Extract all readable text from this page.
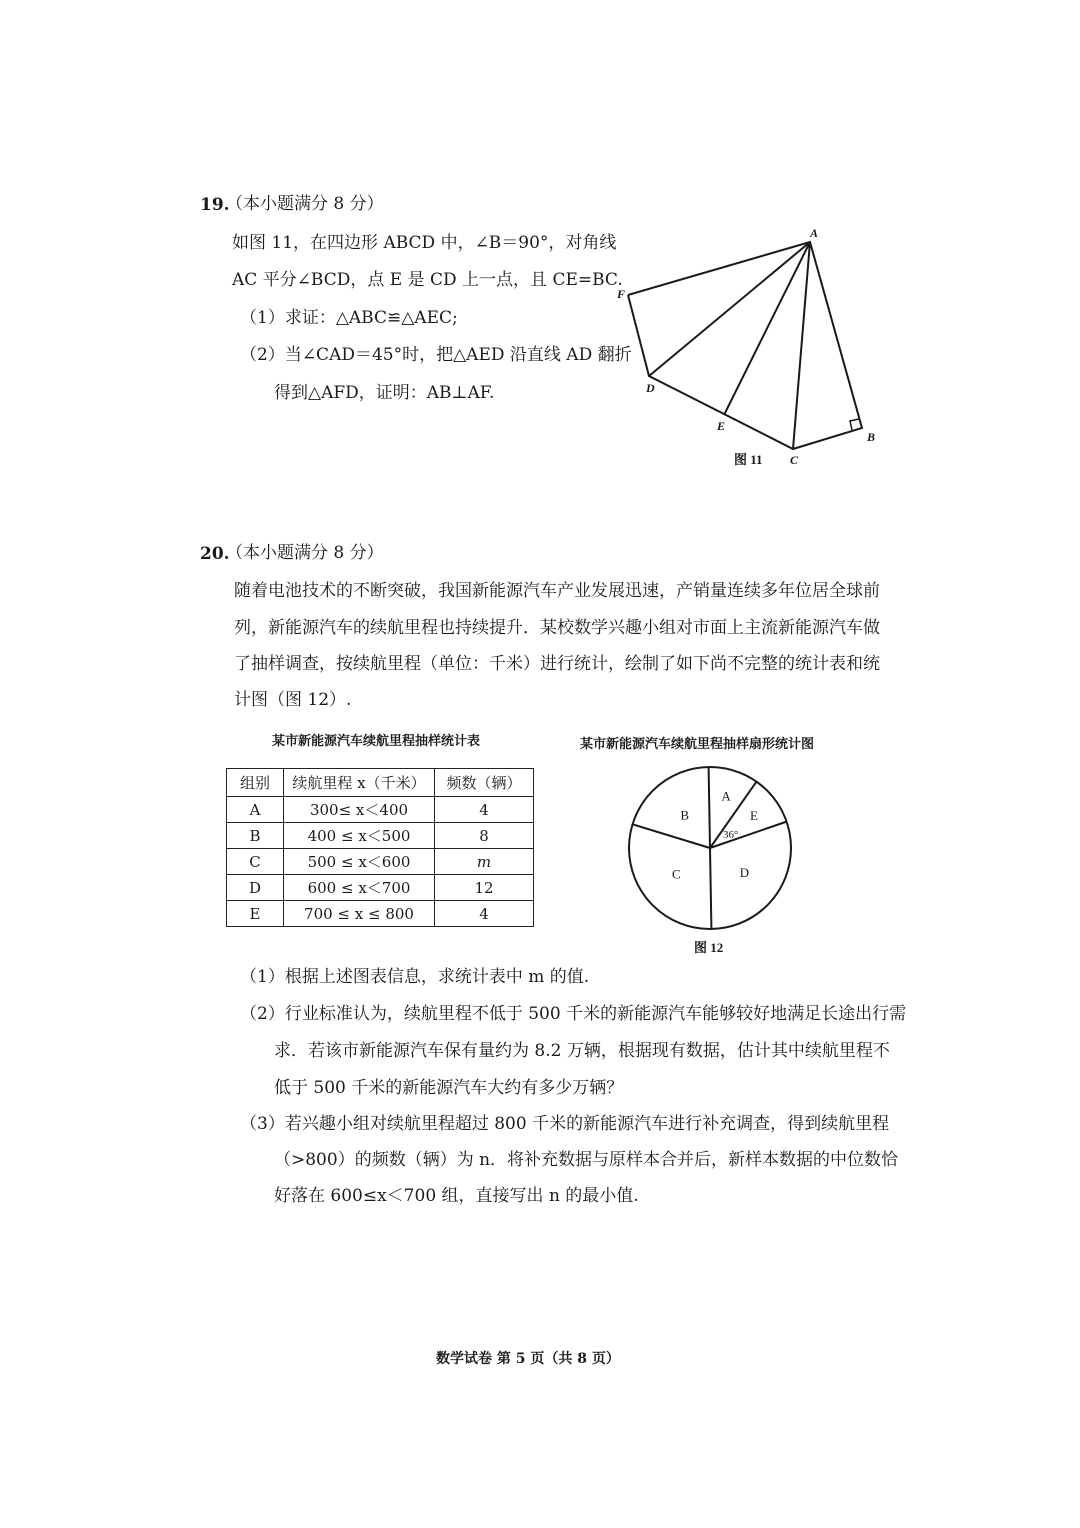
19.
（本小题满分 8 分）
如图 11，在四边形 ABCD 中，∠B＝90°，对角线
AC 平分∠BCD，点 E 是 CD 上一点，且 CE=BC.
（1）求证：△ABC≌△AEC;
（2）当∠CAD＝45°时，把△AED 沿直线 AD 翻折
得到△AFD，证明：AB⊥AF.
A
B
C
D
E
F
图 11
20.
（本小题满分 8 分）
随着电池技术的不断突破，我国新能源汽车产业发展迅速，产销量连续多年位居全球前
列，新能源汽车的续航里程也持续提升．某校数学兴趣小组对市面上主流新能源汽车做
了抽样调查，按续航里程（单位：千米）进行统计，绘制了如下尚不完整的统计表和统
计图（图 12）.
某市新能源汽车续航里程抽样统计表
组别	续航里程 x（千米）	频数（辆）
A	300≤ x＜400	4
B	400 ≤ x＜500	8
C	500 ≤ x＜600	m
D	600 ≤ x＜700	12
E	700 ≤ x ≤ 800	4
某市新能源汽车续航里程抽样扇形统计图
A
E
D
C
B
36°
图 12
（1）根据上述图表信息，求统计表中 m 的值.
（2）行业标准认为，续航里程不低于 500 千米的新能源汽车能够较好地满足长途出行需
求．若该市新能源汽车保有量约为 8.2 万辆，根据现有数据，估计其中续航里程不
低于 500 千米的新能源汽车大约有多少万辆？
（3）若兴趣小组对续航里程超过 800 千米的新能源汽车进行补充调查，得到续航里程
（>800）的频数（辆）为 n．将补充数据与原样本合并后，新样本数据的中位数恰
好落在 600≤x＜700 组，直接写出 n 的最小值.
数学试卷 第 5 页（共 8 页）
